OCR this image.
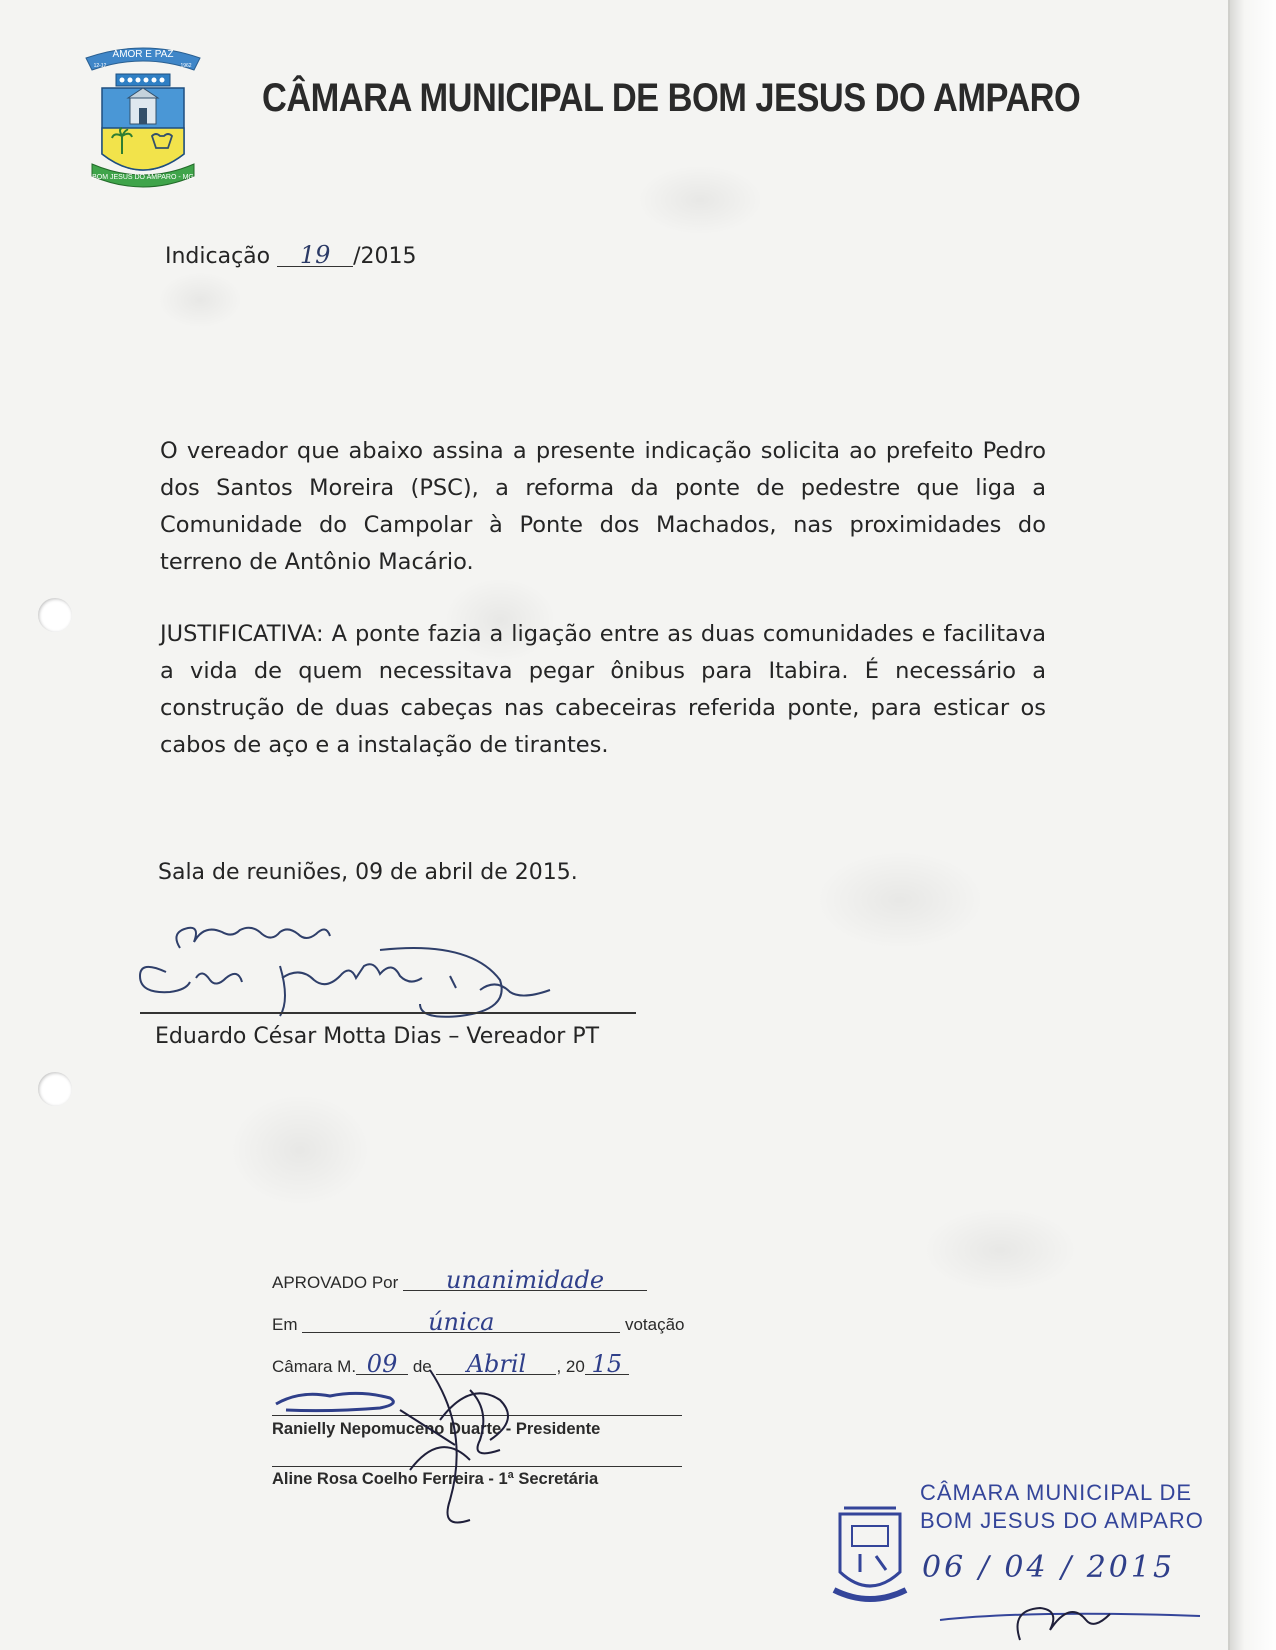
AMOR E PAZ
12-12	1962
BOM JESUS DO AMPARO - MG
CÂMARA MUNICIPAL DE BOM JESUS DO AMPARO
Indicação 19 /2015
O vereador que abaixo assina a presente indicação solicita ao prefeito Pedro dos Santos Moreira (PSC), a reforma da ponte de pedestre que liga a Comunidade do Campolar à Ponte dos Machados, nas proximidades do terreno de Antônio Macário.
JUSTIFICATIVA: A ponte fazia a ligação entre as duas comunidades e facilitava a vida de quem necessitava pegar ônibus para Itabira. É necessário a construção de duas cabeças nas cabeceiras referida ponte, para esticar os cabos de aço e a instalação de tirantes.
Sala de reuniões, 09 de abril de 2015.
Eduardo César Motta Dias – Vereador PT
APROVADO Por unanimidade
Em	única	votação
Câmara M. 09 de Abril , 20 15
Ranielly Nepomuceno Duarte - Presidente
Aline Rosa Coelho Ferreira - 1ª Secretária
CÂMARA MUNICIPAL DE
BOM JESUS DO AMPARO
06 / 04 / 2015
